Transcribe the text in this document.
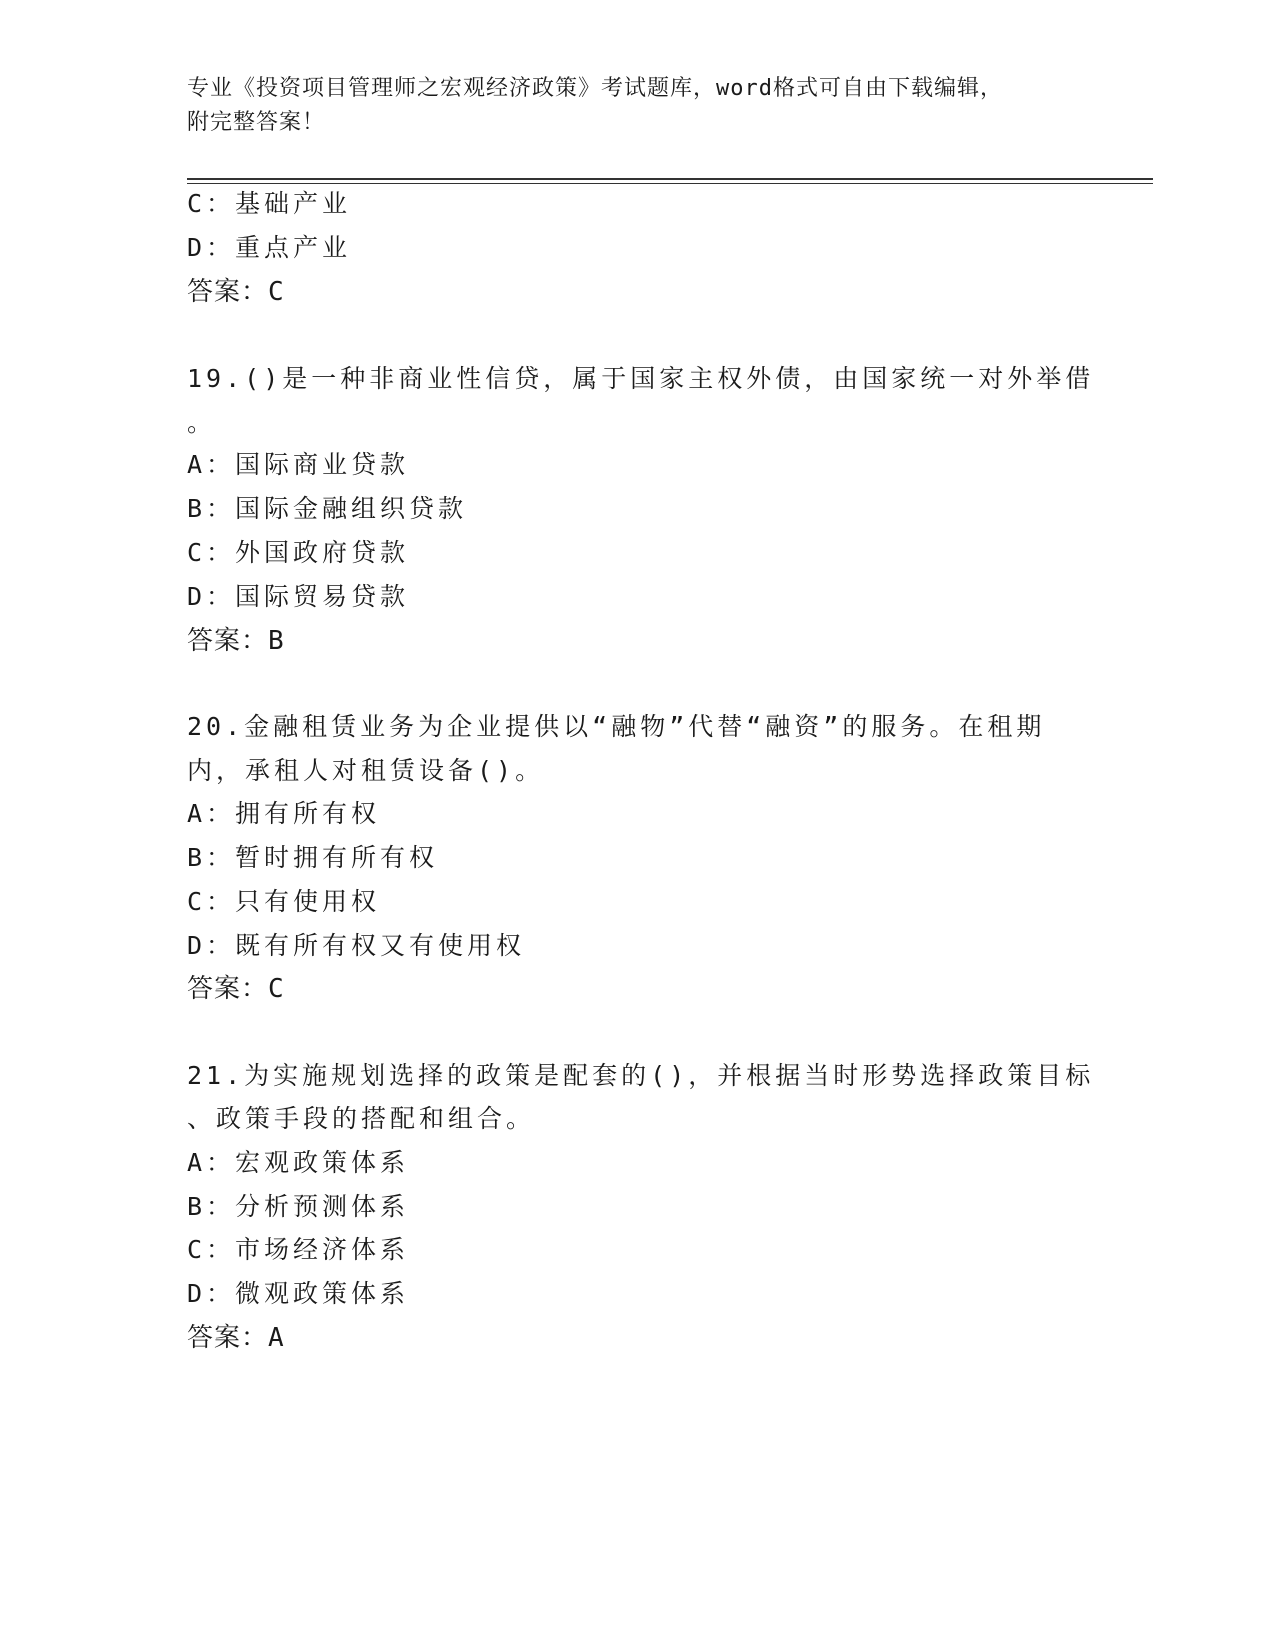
专业《投资项目管理师之宏观经济政策》考试题库，word格式可自由下载编辑，
附完整答案！
C：基础产业
D：重点产业
答案：C
19.()是一种非商业性信贷，属于国家主权外债，由国家统一对外举借
。
A：国际商业贷款
B：国际金融组织贷款
C：外国政府贷款
D：国际贸易贷款
答案：B
20.金融租赁业务为企业提供以“融物”代替“融资”的服务。在租期
内，承租人对租赁设备()。
A：拥有所有权
B：暂时拥有所有权
C：只有使用权
D：既有所有权又有使用权
答案：C
21.为实施规划选择的政策是配套的()，并根据当时形势选择政策目标
、政策手段的搭配和组合。
A：宏观政策体系
B：分析预测体系
C：市场经济体系
D：微观政策体系
答案：A
